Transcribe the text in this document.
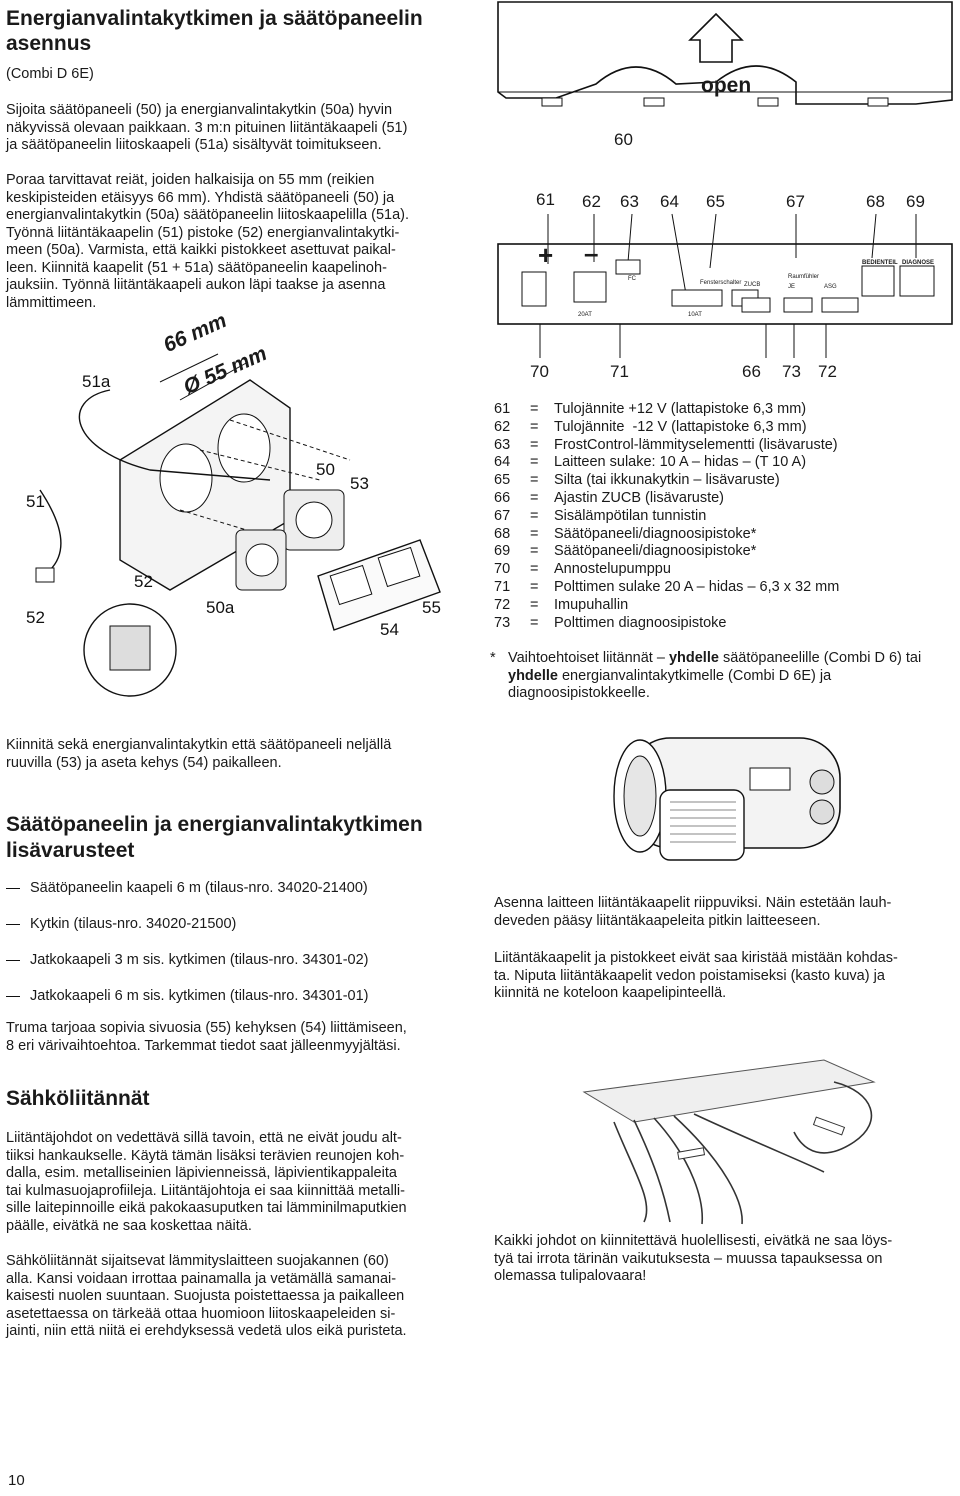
Energianvalintakytkimen ja säätöpaneelin asennus
(Combi D 6E)
Sijoita säätöpaneeli (50) ja energianvalintakytkin (50a) hyvin
näkyvissä olevaan paikkaan. 3 m:n pituinen liitäntäkaapeli (51)
ja säätöpaneelin liitoskaapeli (51a) sisältyvät toimitukseen.
Poraa tarvittavat reiät, joiden halkaisija on 55 mm (reikien
keskipisteiden etäisyys 66 mm). Yhdistä säätöpaneeli (50) ja
energianvalintakytkin (50a) säätöpaneelin liitoskaapelilla (51a).
Työnnä liitäntäkaapelin (51) pistoke (52) energianvalintakytki-
meen (50a). Varmista, että kaikki pistokkeet asettuvat paikal-
leen. Kiinnitä kaapelit (51 + 51a) säätöpaneelin kaapelinoh-
jauksiin. Työnnä liitäntäkaapeli aukon läpi taakse ja asenna
lämmittimeen.
open
60
61 62 63 64 65	67	68 69
+ –
FC
Fensterschalter
Raumfühler
ZUCB	JE	ASG
BEDIENTEIL DIAGNOSE
20AT	10AT
70	71	66 73 72
66 mm
Ø 55 mm
51a
51
52
52
50
53
50a
54
55
61	=	Tulojännite +12 V (lattapistoke 6,3 mm)
62	=	Tulojännite  -12 V (lattapistoke 6,3 mm)
63	=	FrostControl-lämmityselementti (lisävaruste)
64	=	Laitteen sulake: 10 A – hidas – (T 10 A)
65	=	Silta (tai ikkunakytkin – lisävaruste)
66	=	Ajastin ZUCB (lisävaruste)
67	=	Sisälämpötilan tunnistin
68	=	Säätöpaneeli/diagnoosipistoke*
69	=	Säätöpaneeli/diagnoosipistoke*
70	=	Annostelupumppu
71	=	Polttimen sulake 20 A – hidas – 6,3 x 32 mm
72	=	Imupuhallin
73	=	Polttimen diagnoosipistoke
* Vaihtoehtoiset liitännät – yhdelle säätöpaneelille (Combi D 6) tai yhdelle energianvalintakytkimelle (Combi D 6E) ja diagnoosipistokkeelle.
Kiinnitä sekä energianvalintakytkin että säätöpaneeli neljällä
ruuvilla (53) ja aseta kehys (54) paikalleen.
Säätöpaneelin ja energianvalintakytkimen lisävarusteet
Säätöpaneelin kaapeli 6 m (tilaus-nro. 34020-21400)
Kytkin (tilaus-nro. 34020-21500)
Jatkokaapeli 3 m sis. kytkimen (tilaus-nro. 34301-02)
Jatkokaapeli 6 m sis. kytkimen (tilaus-nro. 34301-01)
Truma tarjoaa sopivia sivuosia (55) kehyksen (54) liittämiseen,
8 eri värivaihtoehtoa. Tarkemmat tiedot saat jälleenmyyjältäsi.
Sähköliitännät
Liitäntäjohdot on vedettävä sillä tavoin, että ne eivät joudu alt-
tiiksi hankaukselle. Käytä tämän lisäksi terävien reunojen koh-
dalla, esim. metalliseinien läpivienneissä, läpivientikappaleita
tai kulmasuojaprofiileja. Liitäntäjohtoja ei saa kiinnittää metalli-
sille laitepinnoille eikä pakokaasuputken tai lämminilmaputkien
päälle, eivätkä ne saa koskettaa näitä.
Sähköliitännät sijaitsevat lämmityslaitteen suojakannen (60)
alla. Kansi voidaan irrottaa painamalla ja vetämällä samanai-
kaisesti nuolen suuntaan. Suojusta poistettaessa ja paikalleen
asetettaessa on tärkeää ottaa huomioon liitoskaapeleiden si-
jainti, niin että niitä ei erehdyksessä vedetä ulos eikä puristeta.
Asenna laitteen liitäntäkaapelit riippuviksi. Näin estetään lauh-
deveden pääsy liitäntäkaapeleita pitkin laitteeseen.
Liitäntäkaapelit ja pistokkeet eivät saa kiristää mistään kohdas-
ta. Niputa liitäntäkaapelit vedon poistamiseksi (kasto kuva) ja
kiinnitä ne koteloon kaapelipinteellä.
Kaikki johdot on kiinnitettävä huolellisesti, eivätkä ne saa löys-
tyä tai irrota tärinän vaikutuksesta – muussa tapauksessa on
olemassa tulipalovaara!
10
